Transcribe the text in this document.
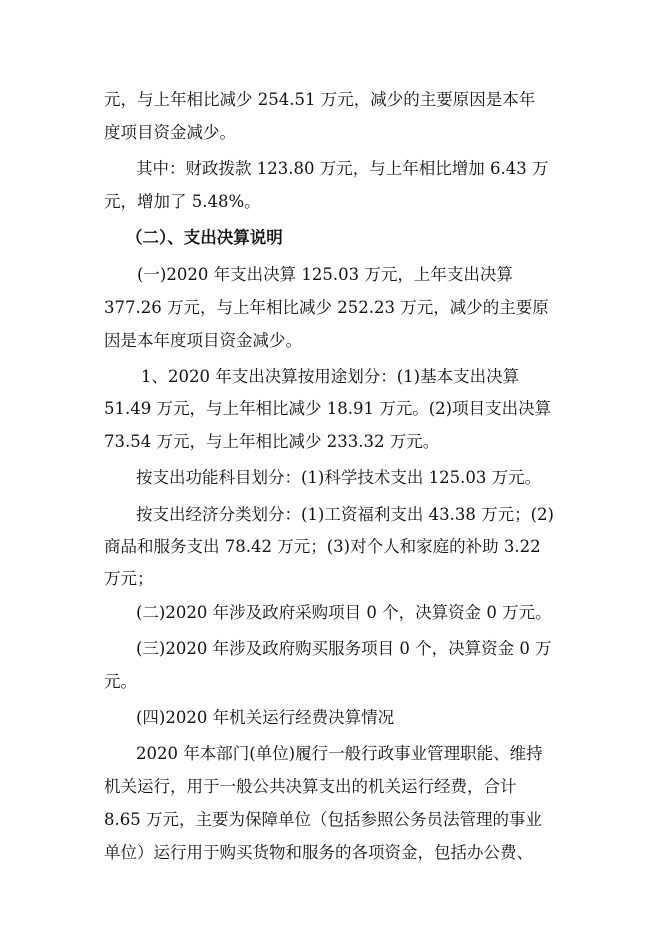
元，与上年相比减少 254.51 万元，减少的主要原因是本年
度项目资金减少。
其中：财政拨款 123.80 万元，与上年相比增加 6.43 万
元，增加了 5.48%。
（二）、支出决算说明
(一)2020 年支出决算 125.03 万元，上年支出决算
377.26 万元，与上年相比减少 252.23 万元，减少的主要原
因是本年度项目资金减少。
1、2020 年支出决算按用途划分：(1)基本支出决算
51.49 万元，与上年相比减少 18.91 万元。(2)项目支出决算
73.54 万元，与上年相比减少 233.32 万元。
按支出功能科目划分：(1)科学技术支出 125.03 万元。
按支出经济分类划分：(1)工资福利支出 43.38 万元；(2)
商品和服务支出 78.42 万元；(3)对个人和家庭的补助 3.22
万元；
(二)2020 年涉及政府采购项目 0 个，决算资金 0 万元。
(三)2020 年涉及政府购买服务项目 0 个，决算资金 0 万
元。
(四)2020 年机关运行经费决算情况
2020 年本部门(单位)履行一般行政事业管理职能、维持
机关运行，用于一般公共决算支出的机关运行经费，合计
8.65 万元，主要为保障单位（包括参照公务员法管理的事业
单位）运行用于购买货物和服务的各项资金，包括办公费、
